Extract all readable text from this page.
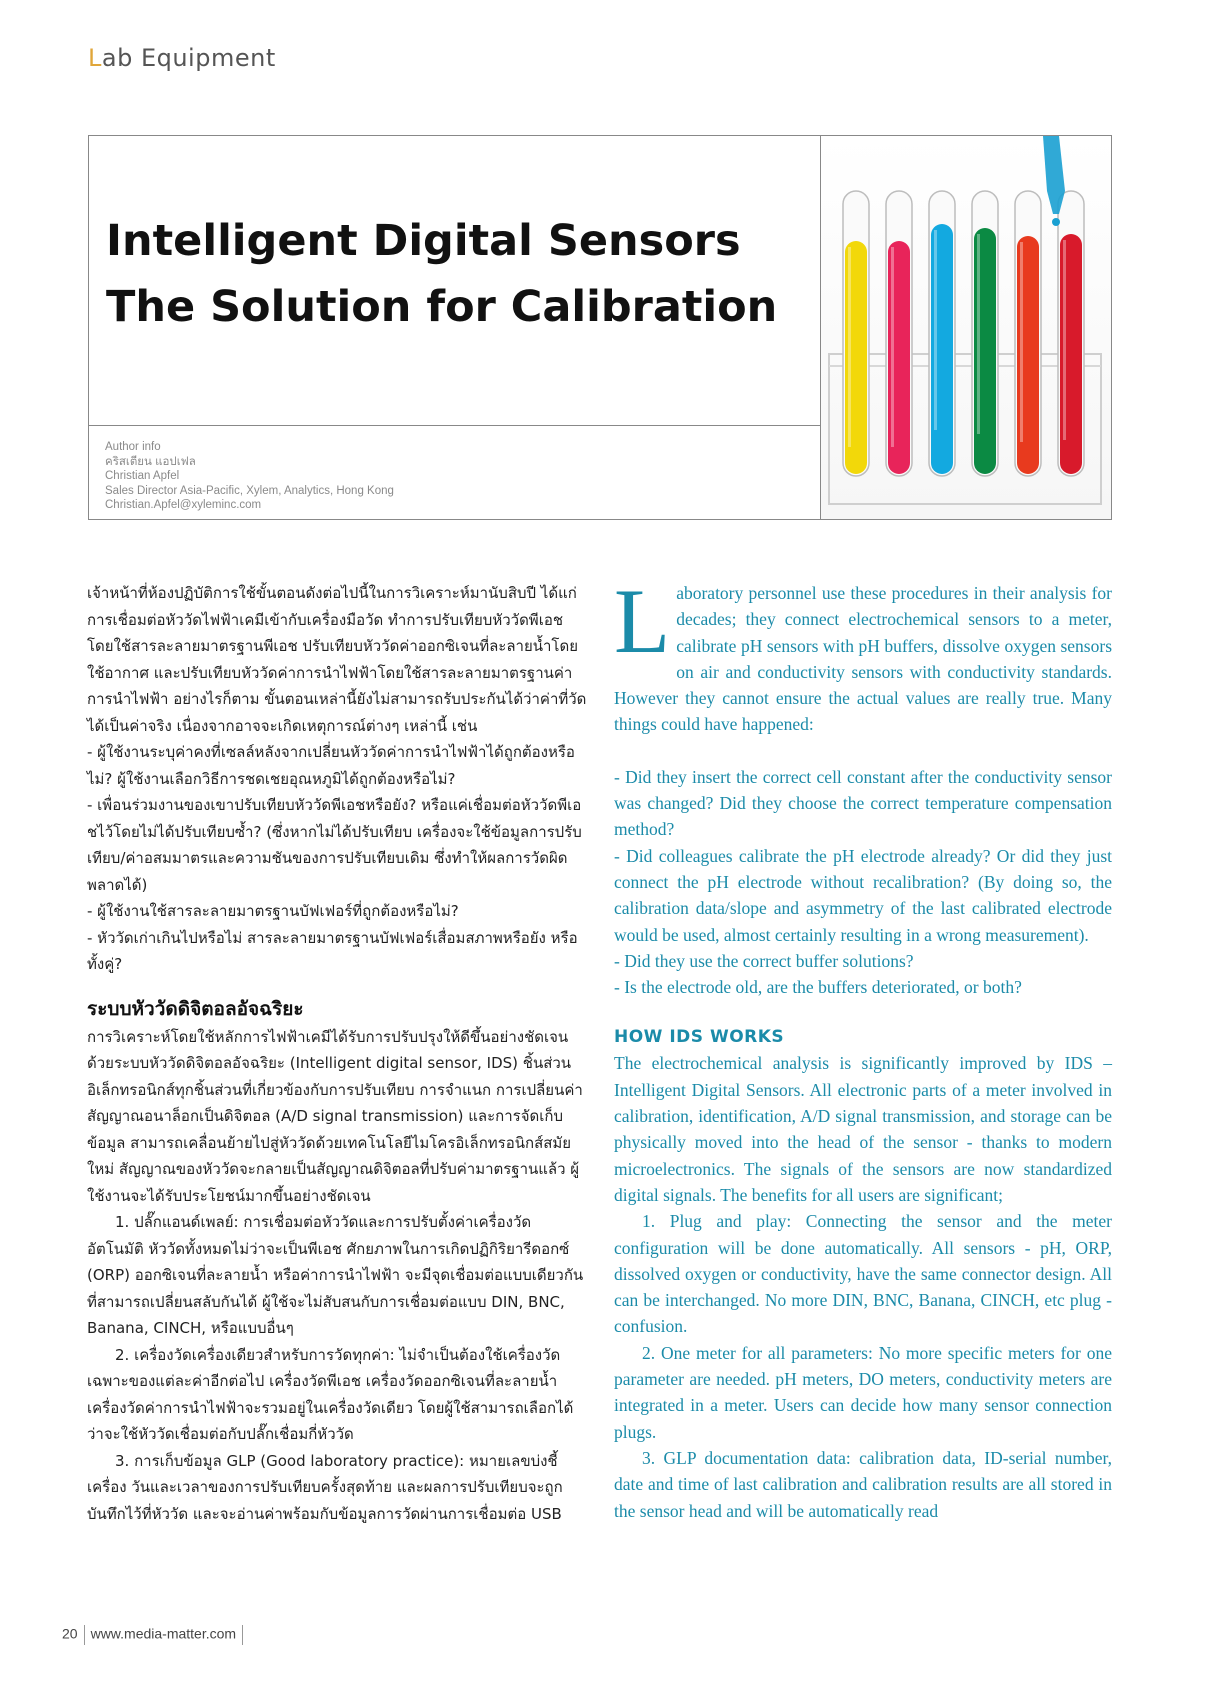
Lab Equipment
Intelligent Digital Sensors
The Solution for Calibration
Author info
คริสเตียน แอปเฟล
Christian Apfel
Sales Director Asia-Pacific, Xylem, Analytics, Hong Kong
Christian.Apfel@xyleminc.com

เจ้าหน้าที่ห้องปฏิบัติการใช้ขั้นตอนดังต่อไปนี้ในการวิเคราะห์มานับสิบปี ได้แก่ การเชื่อมต่อหัววัดไฟฟ้าเคมีเข้ากับเครื่องมือวัด ทำการปรับเทียบหัววัดพีเอชโดยใช้สารละลายมาตรฐานพีเอช ปรับเทียบหัววัดค่าออกซิเจนที่ละลายน้ำโดยใช้อากาศ และปรับเทียบหัววัดค่าการนำไฟฟ้าโดยใช้สารละลายมาตรฐานค่าการนำไฟฟ้า อย่างไรก็ตาม ขั้นตอนเหล่านี้ยังไม่สามารถรับประกันได้ว่าค่าที่วัดได้เป็นค่าจริง เนื่องจากอาจจะเกิดเหตุการณ์ต่างๆ เหล่านี้ เช่น

- ผู้ใช้งานระบุค่าคงที่เซลล์หลังจากเปลี่ยนหัววัดค่าการนำไฟฟ้าได้ถูกต้องหรือไม่? ผู้ใช้งานเลือกวิธีการชดเชยอุณหภูมิได้ถูกต้องหรือไม่?

- เพื่อนร่วมงานของเขาปรับเทียบหัววัดพีเอชหรือยัง? หรือแค่เชื่อมต่อหัววัดพีเอชไว้โดยไม่ได้ปรับเทียบซ้ำ? (ซึ่งหากไม่ได้ปรับเทียบ เครื่องจะใช้ข้อมูลการปรับเทียบ/ค่าอสมมาตรและความชันของการปรับเทียบเดิม ซึ่งทำให้ผลการวัดผิดพลาดได้)

- ผู้ใช้งานใช้สารละลายมาตรฐานบัฟเฟอร์ที่ถูกต้องหรือไม่?

- หัววัดเก่าเกินไปหรือไม่ สารละลายมาตรฐานบัฟเฟอร์เสื่อมสภาพหรือยัง หรือทั้งคู่?

ระบบหัววัดดิจิตอลอัจฉริยะ

การวิเคราะห์โดยใช้หลักการไฟฟ้าเคมีได้รับการปรับปรุงให้ดีขึ้นอย่างชัดเจนด้วยระบบหัววัดดิจิตอลอัจฉริยะ (Intelligent digital sensor, IDS) ชิ้นส่วนอิเล็กทรอนิกส์ทุกชิ้นส่วนที่เกี่ยวข้องกับการปรับเทียบ การจำแนก การเปลี่ยนค่าสัญญาณอนาล็อกเป็นดิจิตอล (A/D signal transmission) และการจัดเก็บข้อมูล สามารถเคลื่อนย้ายไปสู่หัววัดด้วยเทคโนโลยีไมโครอิเล็กทรอนิกส์สมัยใหม่ สัญญาณของหัววัดจะกลายเป็นสัญญาณดิจิตอลที่ปรับค่ามาตรฐานแล้ว ผู้ใช้งานจะได้รับประโยชน์มากขึ้นอย่างชัดเจน

1. ปลั๊กแอนด์เพลย์: การเชื่อมต่อหัววัดและการปรับตั้งค่าเครื่องวัดอัตโนมัติ หัววัดทั้งหมดไม่ว่าจะเป็นพีเอช ศักยภาพในการเกิดปฏิกิริยารีดอกซ์ (ORP) ออกซิเจนที่ละลายน้ำ หรือค่าการนำไฟฟ้า จะมีจุดเชื่อมต่อแบบเดียวกันที่สามารถเปลี่ยนสลับกันได้ ผู้ใช้จะไม่สับสนกับการเชื่อมต่อแบบ DIN, BNC, Banana, CINCH, หรือแบบอื่นๆ

2. เครื่องวัดเครื่องเดียวสำหรับการวัดทุกค่า: ไม่จำเป็นต้องใช้เครื่องวัดเฉพาะของแต่ละค่าอีกต่อไป เครื่องวัดพีเอช เครื่องวัดออกซิเจนที่ละลายน้ำ เครื่องวัดค่าการนำไฟฟ้าจะรวมอยู่ในเครื่องวัดเดียว โดยผู้ใช้สามารถเลือกได้ว่าจะใช้หัววัดเชื่อมต่อกับปลั๊กเชื่อมกี่หัววัด

3. การเก็บข้อมูล GLP (Good laboratory practice): หมายเลขบ่งชี้เครื่อง วันและเวลาของการปรับเทียบครั้งสุดท้าย และผลการปรับเทียบจะถูกบันทึกไว้ที่หัววัด และจะอ่านค่าพร้อมกับข้อมูลการวัดผ่านการเชื่อมต่อ USB

Laboratory personnel use these procedures in their analysis for decades; they connect electrochemical sensors to a meter, calibrate pH sensors with pH buffers, dissolve oxygen sensors on air and conductivity sensors with conductivity standards. However they cannot ensure the actual values are really true. Many things could have happened:

- Did they insert the correct cell constant after the conductivity sensor was changed? Did they choose the correct temperature compensation method?

- Did colleagues calibrate the pH electrode already? Or did they just connect the pH electrode without recalibration? (By doing so, the calibration data/slope and asymmetry of the last calibrated electrode would be used, almost certainly resulting in a wrong measurement).

- Did they use the correct buffer solutions?

- Is the electrode old, are the buffers deteriorated, or both?

HOW IDS WORKS

The electrochemical analysis is significantly improved by IDS – Intelligent Digital Sensors. All electronic parts of a meter involved in calibration, identification, A/D signal transmission, and storage can be physically moved into the head of the sensor - thanks to modern microelectronics. The signals of the sensors are now standardized digital signals. The benefits for all users are significant;

1. Plug and play: Connecting the sensor and the meter configuration will be done automatically. All sensors - pH, ORP, dissolved oxygen or conductivity, have the same connector design. All can be interchanged. No more DIN, BNC, Banana, CINCH, etc plug - confusion.

2. One meter for all parameters: No more specific meters for one parameter are needed. pH meters, DO meters, conductivity meters are integrated in a meter. Users can decide how many sensor connection plugs.

3. GLP documentation data: calibration data, ID-serial number, date and time of last calibration and calibration results are all stored in the sensor head and will be automatically read

20 www.media-matter.com
